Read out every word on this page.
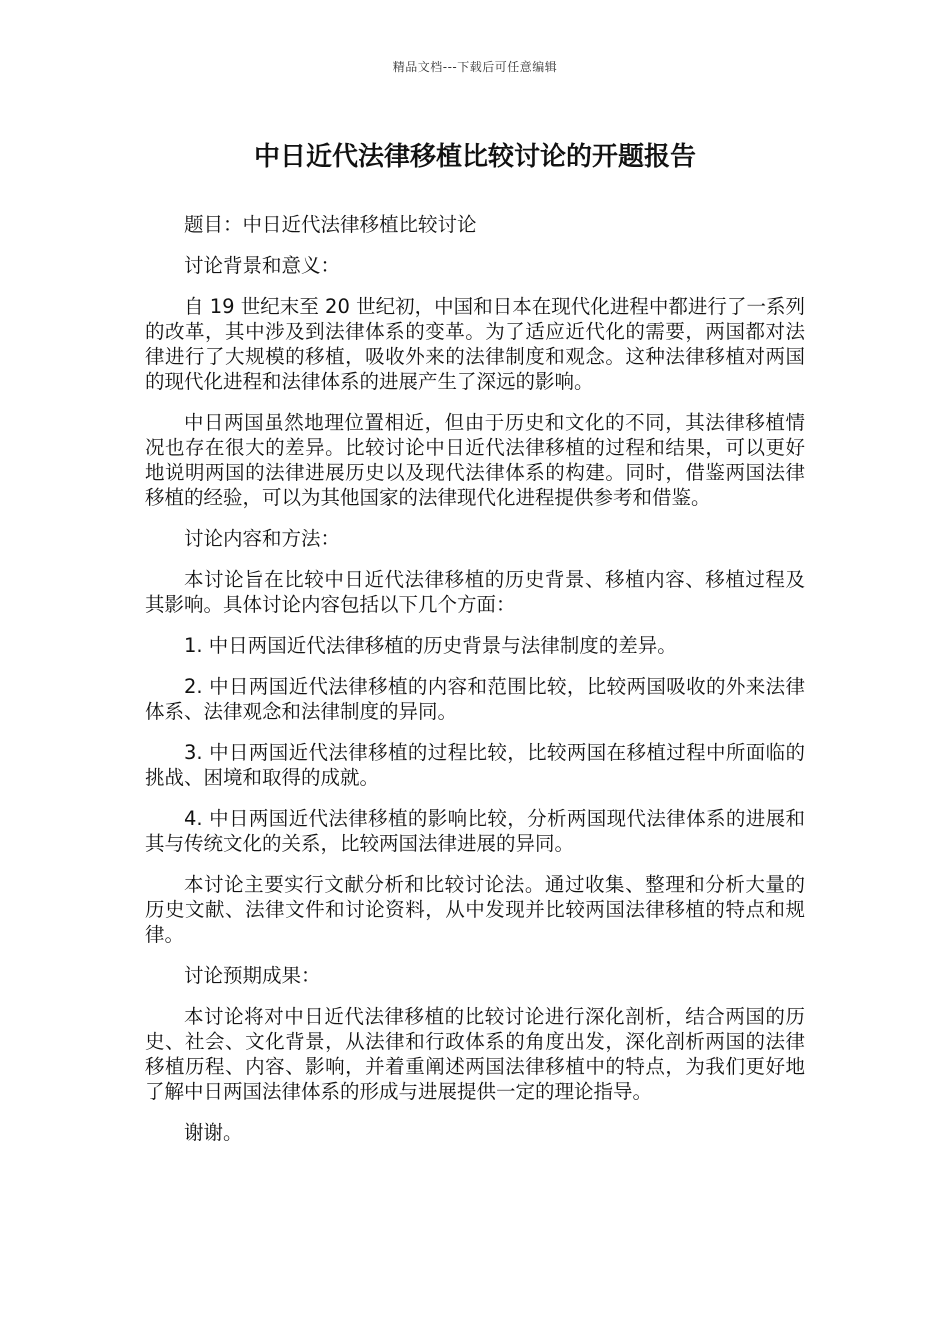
精品文档---下载后可任意编辑
中日近代法律移植比较讨论的开题报告

题目：中日近代法律移植比较讨论

讨论背景和意义：

自 19 世纪末至 20 世纪初，中国和日本在现代化进程中都进行了一系列的改革，其中涉及到法律体系的变革。为了适应近代化的需要，两国都对法律进行了大规模的移植，吸收外来的法律制度和观念。这种法律移植对两国的现代化进程和法律体系的进展产生了深远的影响。

中日两国虽然地理位置相近，但由于历史和文化的不同，其法律移植情况也存在很大的差异。比较讨论中日近代法律移植的过程和结果，可以更好地说明两国的法律进展历史以及现代法律体系的构建。同时，借鉴两国法律移植的经验，可以为其他国家的法律现代化进程提供参考和借鉴。

讨论内容和方法：

本讨论旨在比较中日近代法律移植的历史背景、移植内容、移植过程及其影响。具体讨论内容包括以下几个方面：

1. 中日两国近代法律移植的历史背景与法律制度的差异。

2. 中日两国近代法律移植的内容和范围比较，比较两国吸收的外来法律体系、法律观念和法律制度的异同。

3. 中日两国近代法律移植的过程比较，比较两国在移植过程中所面临的挑战、困境和取得的成就。

4. 中日两国近代法律移植的影响比较，分析两国现代法律体系的进展和其与传统文化的关系，比较两国法律进展的异同。

本讨论主要实行文献分析和比较讨论法。通过收集、整理和分析大量的历史文献、法律文件和讨论资料，从中发现并比较两国法律移植的特点和规律。

讨论预期成果：

本讨论将对中日近代法律移植的比较讨论进行深化剖析，结合两国的历史、社会、文化背景，从法律和行政体系的角度出发，深化剖析两国的法律移植历程、内容、影响，并着重阐述两国法律移植中的特点，为我们更好地了解中日两国法律体系的形成与进展提供一定的理论指导。

谢谢。
